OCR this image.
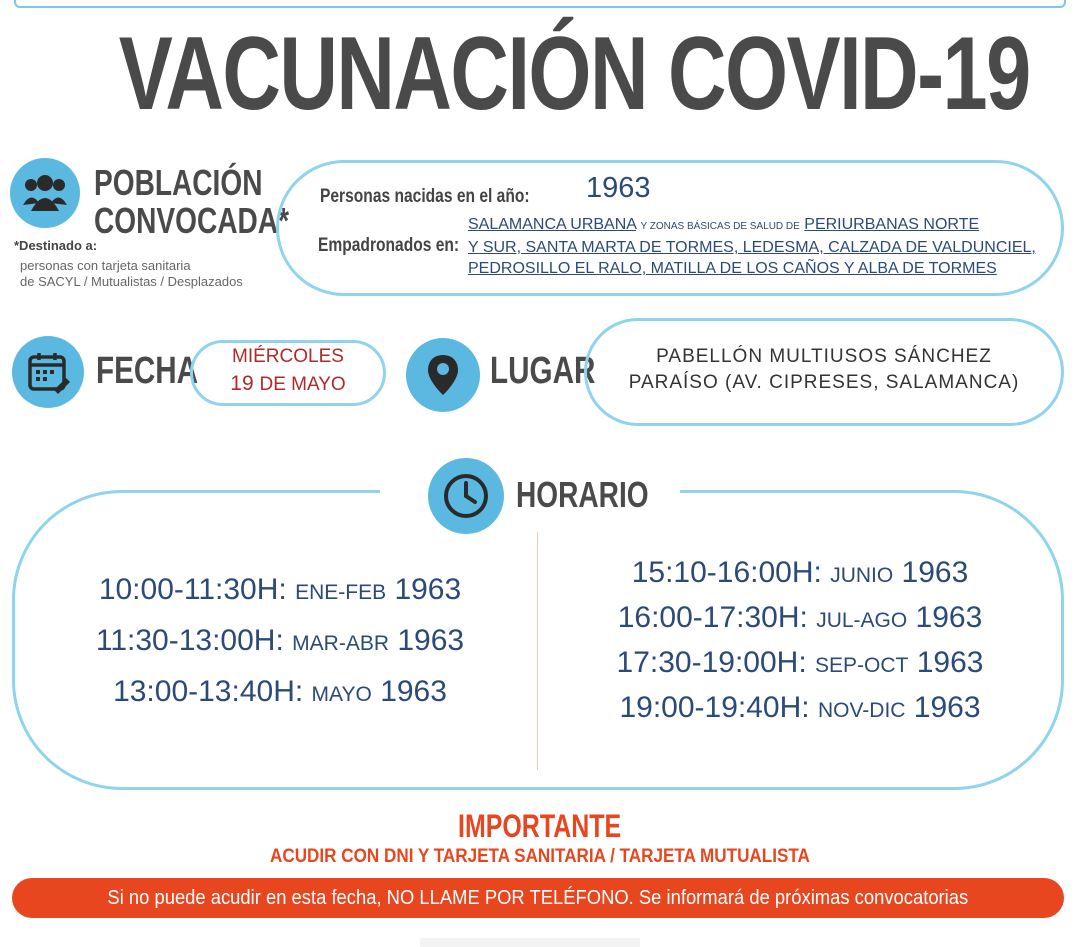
VACUNACIÓN COVID-19
POBLACIÓN
CONVOCADA*
*Destinado a:
personas con tarjeta sanitaria
de SACYL / Mutualistas / Desplazados
Personas nacidas en el año: 1963
Empadronados en:
SALAMANCA URBANA Y ZONAS BÁSICAS DE SALUD DE PERIURBANAS NORTE
Y SUR, SANTA MARTA DE TORMES, LEDESMA, CALZADA DE VALDUNCIEL,
PEDROSILLO EL RALO, MATILLA DE LOS CAÑOS Y ALBA DE TORMES
FECHA	MIÉRCOLES
19 DE MAYO	LUGAR	PABELLÓN MULTIUSOS SÁNCHEZ
PARAÍSO (AV. CIPRESES, SALAMANCA)
HORARIO
10:00-11:30H: ENE-FEB 1963
11:30-13:00H: MAR-ABR 1963
13:00-13:40H: MAYO 1963
15:10-16:00H: JUNIO 1963
16:00-17:30H: JUL-AGO 1963
17:30-19:00H: SEP-OCT 1963
19:00-19:40H: NOV-DIC 1963
IMPORTANTE
ACUDIR CON DNI Y TARJETA SANITARIA / TARJETA MUTUALISTA
Si no puede acudir en esta fecha, NO LLAME POR TELÉFONO. Se informará de próximas convocatorias
